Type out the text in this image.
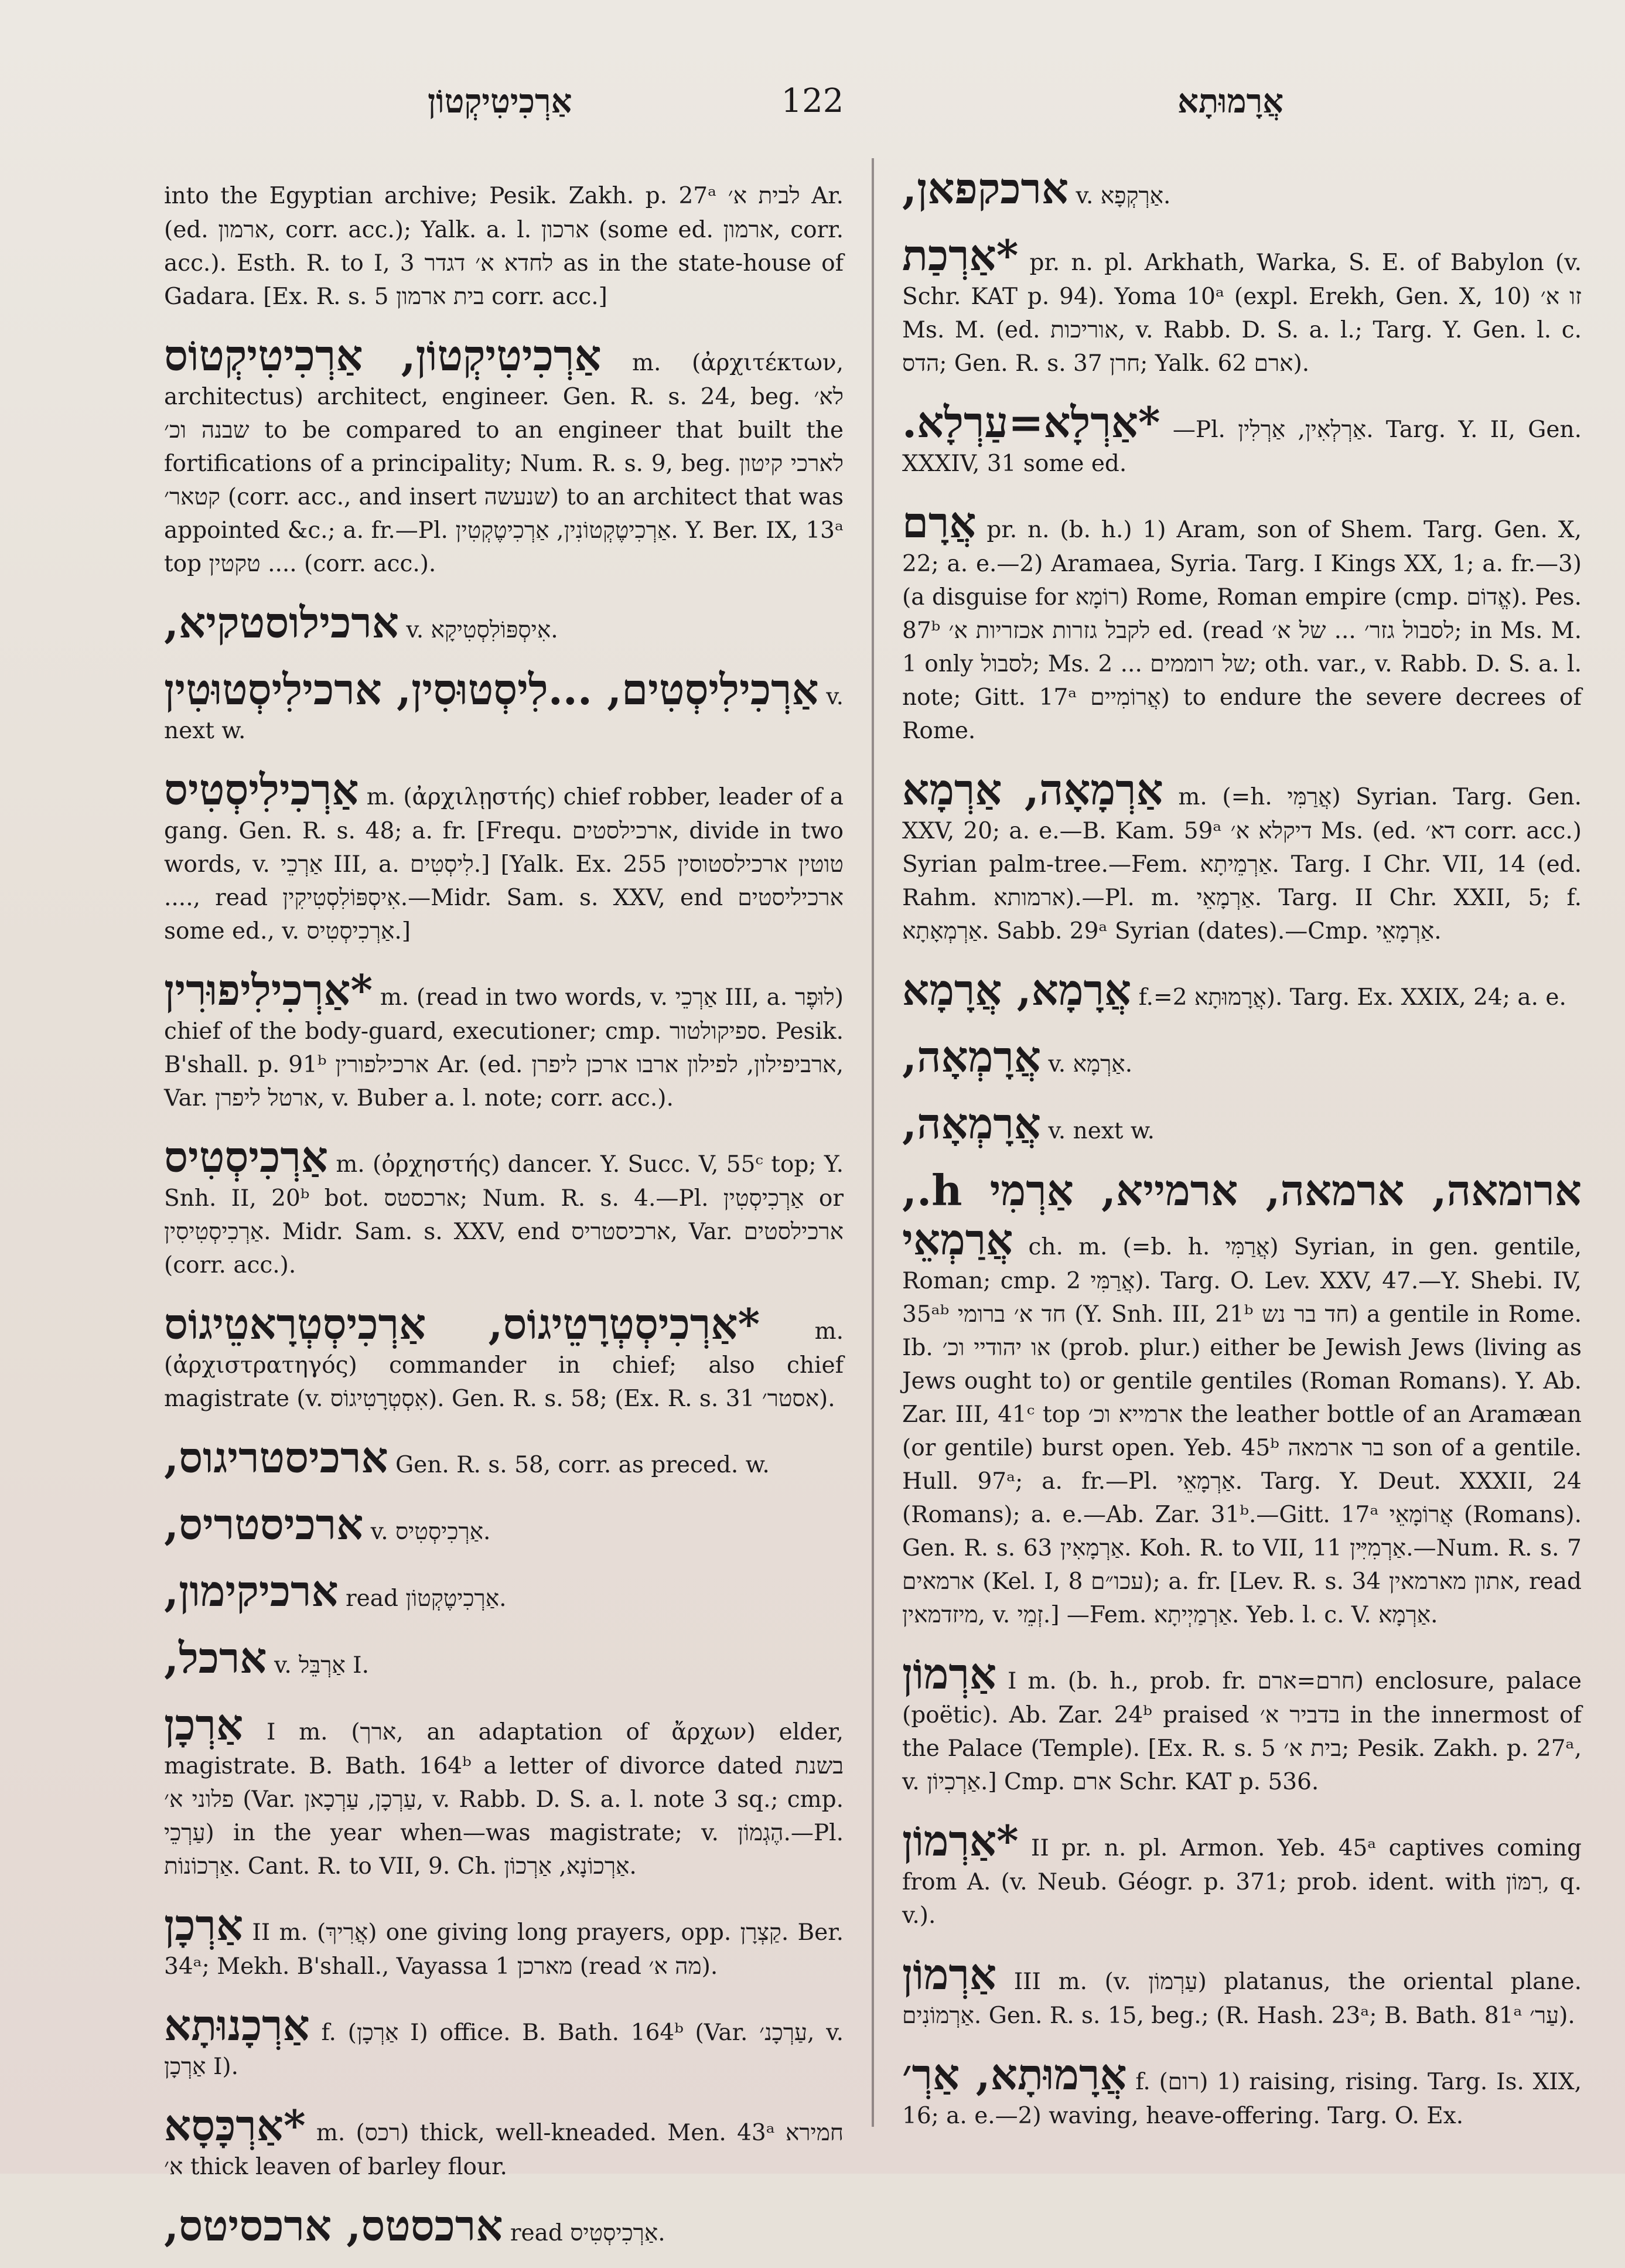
אַרְכִיטִיקְטוֹן	122	אֲרָמוּתָא
into the Egyptian archive; Pesik. Zakh. p. 27ᵃ לבית א׳ Ar. (ed. ארמון, corr. acc.); Yalk. a. l. ארכון (some ed. ארמון, corr. acc.). Esth. R. to I, 3 לחדא א׳ דגדר as in the state-house of Gadara. [Ex. R. s. 5 בית ארמון corr. acc.]
אַרְכִיטִיקְטוֹן, אַרְכִיטִיקְטוֹס m. (ἀρχιτέκτων, architectus) architect, engineer. Gen. R. s. 24, beg. לא׳ שבנה וכ׳ to be compared to an engineer that built the fortifications of a principality; Num. R. s. 9, beg. לארכי קיטון קטאר׳ (corr. acc., and insert שנעשה) to an architect that was appointed &c.; a. fr.—Pl. אַרְכִיטֶקְטוֹנִין, אַרְכִיטֶקְטִין. Y. Ber. IX, 13ᵃ top טקטין .... (corr. acc.).
ארכילוסטקיא, v. אִיסְפּוֹלִסְטִיקָא.
אַרְכִילִיסְטִים, ...לִיסְטוּסִין, ארכילִיסְטוּטִין v. next w.
אַרְכִילִיסְטִיס m. (ἀρχιλῃστής) chief robber, leader of a gang. Gen. R. s. 48; a. fr. [Frequ. ארכילסטים, divide in two words, v. אַרְכֵי III, a. לִיסְטִים.] [Yalk. Ex. 255 טוטין ארכילסטוסין ...., read אִיסְפּוֹלִסְטִיקִין.—Midr. Sam. s. XXV, end ארכיליסטים some ed., v. אַרְכִיסְטִיס.]
*אַרְכִילִיפוּרִין m. (read in two words, v. אַרְכֵי III, a. לוּפֶר) chief of the body-guard, executioner; cmp. ספיקולטור. Pesik. B'shall. p. 91ᵇ ארכילפורין Ar. (ed. ארביפילון, לפילון ארבו ארכן ליפרן, Var. ארטל ליפרן, v. Buber a. l. note; corr. acc.).
אַרְכִיסְטִיס m. (ὀρχηστής) dancer. Y. Succ. V, 55ᶜ top; Y. Snh. II, 20ᵇ bot. ארכסטס; Num. R. s. 4.—Pl. אַרְכִיסְטִין or אַרְכִיסְטִיסִין. Midr. Sam. s. XXV, end ארכיסטריס, Var. ארכילסטים (corr. acc.).
*אַרְכִיסְטְרָטֵיגוֹס, אַרְכִיסְטְרָאטֵיגוֹס m. (ἀρχιστρατηγός) commander in chief; also chief magistrate (v. אִסְטְרָטִיגוֹס). Gen. R. s. 58; (Ex. R. s. 31 אסטר׳).
ארכיסטריגוס, Gen. R. s. 58, corr. as preced. w.
ארכיסטריס, v. אַרְכִיסְטִיס.
ארכיקימון, read אַרְכִיטֶקְטוֹן.
ארכל, v. אַרְבֵּל I.
אַרְכָן I m. (ארך, an adaptation of ἄρχων) elder, magistrate. B. Bath. 164ᵇ a letter of divorce dated בשנת פלוני א׳ (Var. עַרְכָן, עַרְכָאן, v. Rabb. D. S. a. l. note 3 sq.; cmp. עַרְכֵי) in the year when—was magistrate; v. הֶגְמוֹן.—Pl. אַרְכוֹנוֹת. Cant. R. to VII, 9. Ch. אַרְכוֹנָא, אַרְכוֹן.
אַרְכָן II m. (אֲרִיךְ) one giving long prayers, opp. קַצְרָן. Ber. 34ᵃ; Mekh. B'shall., Vayassa 1 מארכן (read מה א׳).
אַרְכָנוּתָא f. (אַרְכָן I) office. B. Bath. 164ᵇ (Var. עַרְכָנ׳, v. אַרְכָן I).
*אַרְכָּסָא m. (רכס) thick, well-kneaded. Men. 43ᵃ חמירא א׳ thick leaven of barley flour.
ארכסטס, ארכסיטס, read אַרְכִיסְטִיס.
ארכקפאן, v. אַרְקְפָא.
*אַרְכַת pr. n. pl. Arkhath, Warka, S. E. of Babylon (v. Schr. KAT p. 94). Yoma 10ᵃ (expl. Erekh, Gen. X, 10) זו א׳ Ms. M. (ed. אוריכות, v. Rabb. D. S. a. l.; Targ. Y. Gen. l. c. הדס; Gen. R. s. 37 חרן; Yalk. 62 ארם).
*אַרְלָא=עַרְלָא. —Pl. אַרְלְאִין, אַרְלִין. Targ. Y. II, Gen. XXXIV, 31 some ed.
אֲרָם pr. n. (b. h.) 1) Aram, son of Shem. Targ. Gen. X, 22; a. e.—2) Aramaea, Syria. Targ. I Kings XX, 1; a. fr.—3) (a disguise for רוֹמָא) Rome, Roman empire (cmp. אֱדוֹם). Pes. 87ᵇ לקבל גזרות אכזריות א׳ ed. (read לסבול גזר׳ ... של א׳; in Ms. M. 1 only לסבול; Ms. 2 ... של רוממים; oth. var., v. Rabb. D. S. a. l. note; Gitt. 17ᵃ אֲרוֹמִיים) to endure the severe decrees of Rome.
אַרְמָאָה, אַרְמָא m. (=h. אֲרַמִּי) Syrian. Targ. Gen. XXV, 20; a. e.—B. Kam. 59ᵃ דיקלא א׳ Ms. (ed. דא׳ corr. acc.) Syrian palm-tree.—Fem. אַרְמֵיתָא. Targ. I Chr. VII, 14 (ed. Rahm. ארמותא).—Pl. m. אַרְמָאֵי. Targ. II Chr. XXII, 5; f. אַרְמְאָתָא. Sabb. 29ᵃ Syrian (dates).—Cmp. אַרְמָאֵי.
אֲרָמָא, אֲרָמָא f.=אֲרָמוּתָא 2). Targ. Ex. XXIX, 24; a. e.
אֲרָמְאָה, v. אַרְמָא.
אֲרָמְאָה, v. next w.
ארומאה, ארמאה, ארמייא, אַרְמִי h., אֲרַמְאֵי ch. m. (=b. h. אֲרַמִּי) Syrian, in gen. gentile, Roman; cmp. אֲרַמִּי 2). Targ. O. Lev. XXV, 47.—Y. Shebi. IV, 35ᵃᵇ חד א׳ ברומי (Y. Snh. III, 21ᵇ חד בר נש) a gentile in Rome. Ib. או יהודיי וכ׳ (prob. plur.) either be Jewish Jews (living as Jews ought to) or gentile gentiles (Roman Romans). Y. Ab. Zar. III, 41ᶜ top ארמייא וכ׳ the leather bottle of an Aramæan (or gentile) burst open. Yeb. 45ᵇ בר ארמאה son of a gentile. Hull. 97ᵃ; a. fr.—Pl. אַרְמָאֵי. Targ. Y. Deut. XXXII, 24 (Romans); a. e.—Ab. Zar. 31ᵇ.—Gitt. 17ᵃ אֲרוֹמָאֵי (Romans). Gen. R. s. 63 אַרְמָאִין. Koh. R. to VII, 11 אַרְמִיִּין.—Num. R. s. 7 ארמאים (Kel. I, 8 עכו״ם); a. fr. [Lev. R. s. 34 אתון מארמאין, read מיזדמאין, v. זְמֵי.] —Fem. אַרְמַיְיתָא. Yeb. l. c. V. אַרְמָא.
אַרְמוֹן I m. (b. h., prob. fr. חרם=ארם) enclosure, palace (poëtic). Ab. Zar. 24ᵇ praised בדביר א׳ in the innermost of the Palace (Temple). [Ex. R. s. 5 בית א׳; Pesik. Zakh. p. 27ᵃ, v. אַרְכִיוֹן.] Cmp. ארם Schr. KAT p. 536.
*אַרְמוֹן II pr. n. pl. Armon. Yeb. 45ᵃ captives coming from A. (v. Neub. Géogr. p. 371; prob. ident. with רִמּוֹן, q. v.).
אַרְמוֹן III m. (v. עַרְמוֹן) platanus, the oriental plane. אַרְמוֹנִים. Gen. R. s. 15, beg.; (R. Hash. 23ᵃ; B. Bath. 81ᵃ עַר׳).
אֲרָמוּתָא, אַרְ׳ f. (רום) 1) raising, rising. Targ. Is. XIX, 16; a. e.—2) waving, heave-offering. Targ. O. Ex.
